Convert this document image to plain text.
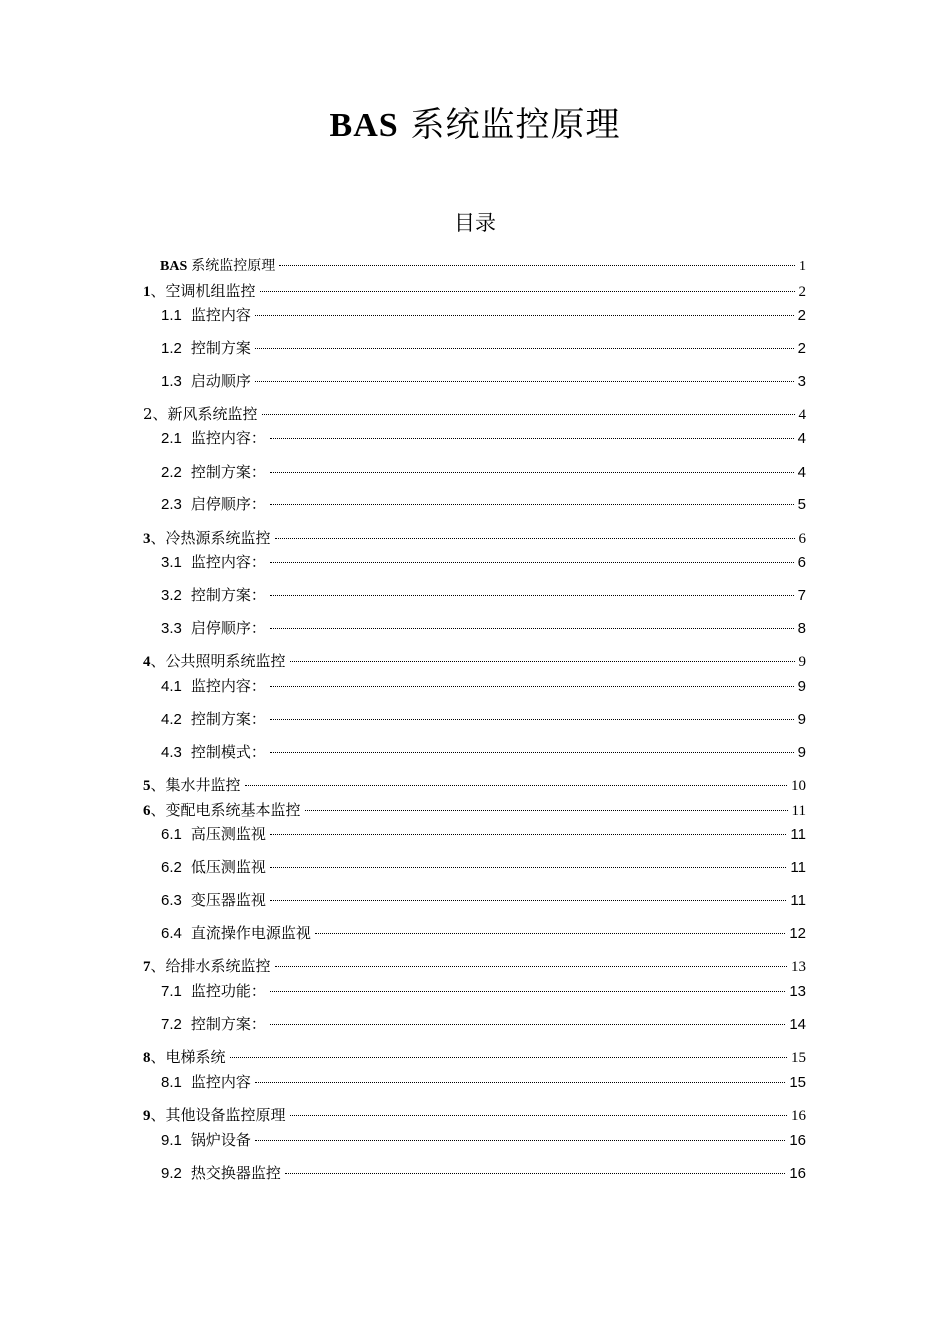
BAS 系统监控原理
目录
BAS 系统监控原理	1
1 、空调机组监控	2
1.1 监控内容	2
1.2 控制方案	2
1.3 启动顺序	3
2、新风系统监控	4
2.1 监控内容：	4
2.2 控制方案：	4
2.3 启停顺序：	5
3 、冷热源系统监控	6
3.1 监控内容：	6
3.2 控制方案：	7
3.3 启停顺序：	8
4 、公共照明系统监控	9
4.1 监控内容：	9
4.2 控制方案：	9
4.3 控制模式：	9
5 、集水井监控	10
6 、变配电系统基本监控	11
6.1 高压测监视	11
6.2 低压测监视	11
6.3 变压器监视	11
6.4 直流操作电源监视	12
7 、给排水系统监控	13
7.1 监控功能：	13
7.2 控制方案：	14
8 、电梯系统	15
8.1 监控内容	15
9 、其他设备监控原理	16
9.1 锅炉设备	16
9.2 热交换器监控	16
